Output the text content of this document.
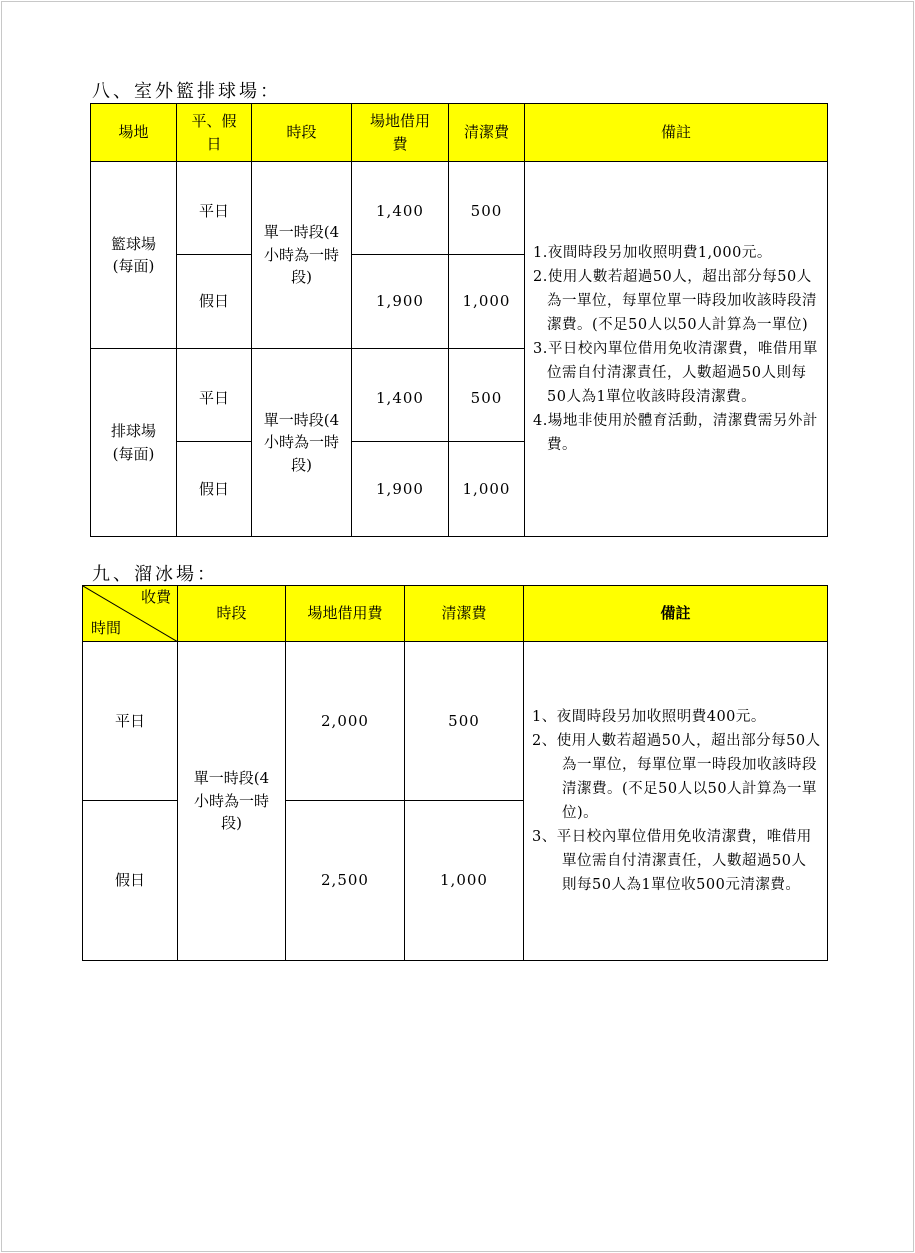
八、室外籃排球場：
場地	平、假日	時段	場地借用費	清潔費	備註
籃球場(每面)	平日	單一時段(4小時為一時段)	1,400	500	1.夜間時段另加收照明費1,000元。

2.使用人數若超過50人，超出部分每50人為一單位，每單位單一時段加收該時段清潔費。(不足50人以50人計算為一單位)

3.平日校內單位借用免收清潔費，唯借用單位需自付清潔責任，人數超過50人則每50人為1單位收該時段清潔費。

4.場地非使用於體育活動，清潔費需另外計費。

	假日		1,900	1,000	
排球場(每面)	平日	單一時段(4小時為一時段)	1,400	500	
	假日		1,900	1,000	
九、溜冰場：
收費
時間	時段	場地借用費	清潔費	備註
平日	單一時段(4小時為一時段)	2,000	500	1、夜間時段另加收照明費400元。

2、使用人數若超過50人，超出部分每50人為一單位，每單位單一時段加收該時段清潔費。(不足50人以50人計算為一單位)。

3、平日校內單位借用免收清潔費，唯借用單位需自付清潔責任，人數超過50人則每50人為1單位收500元清潔費。

假日		2,500	1,000	
